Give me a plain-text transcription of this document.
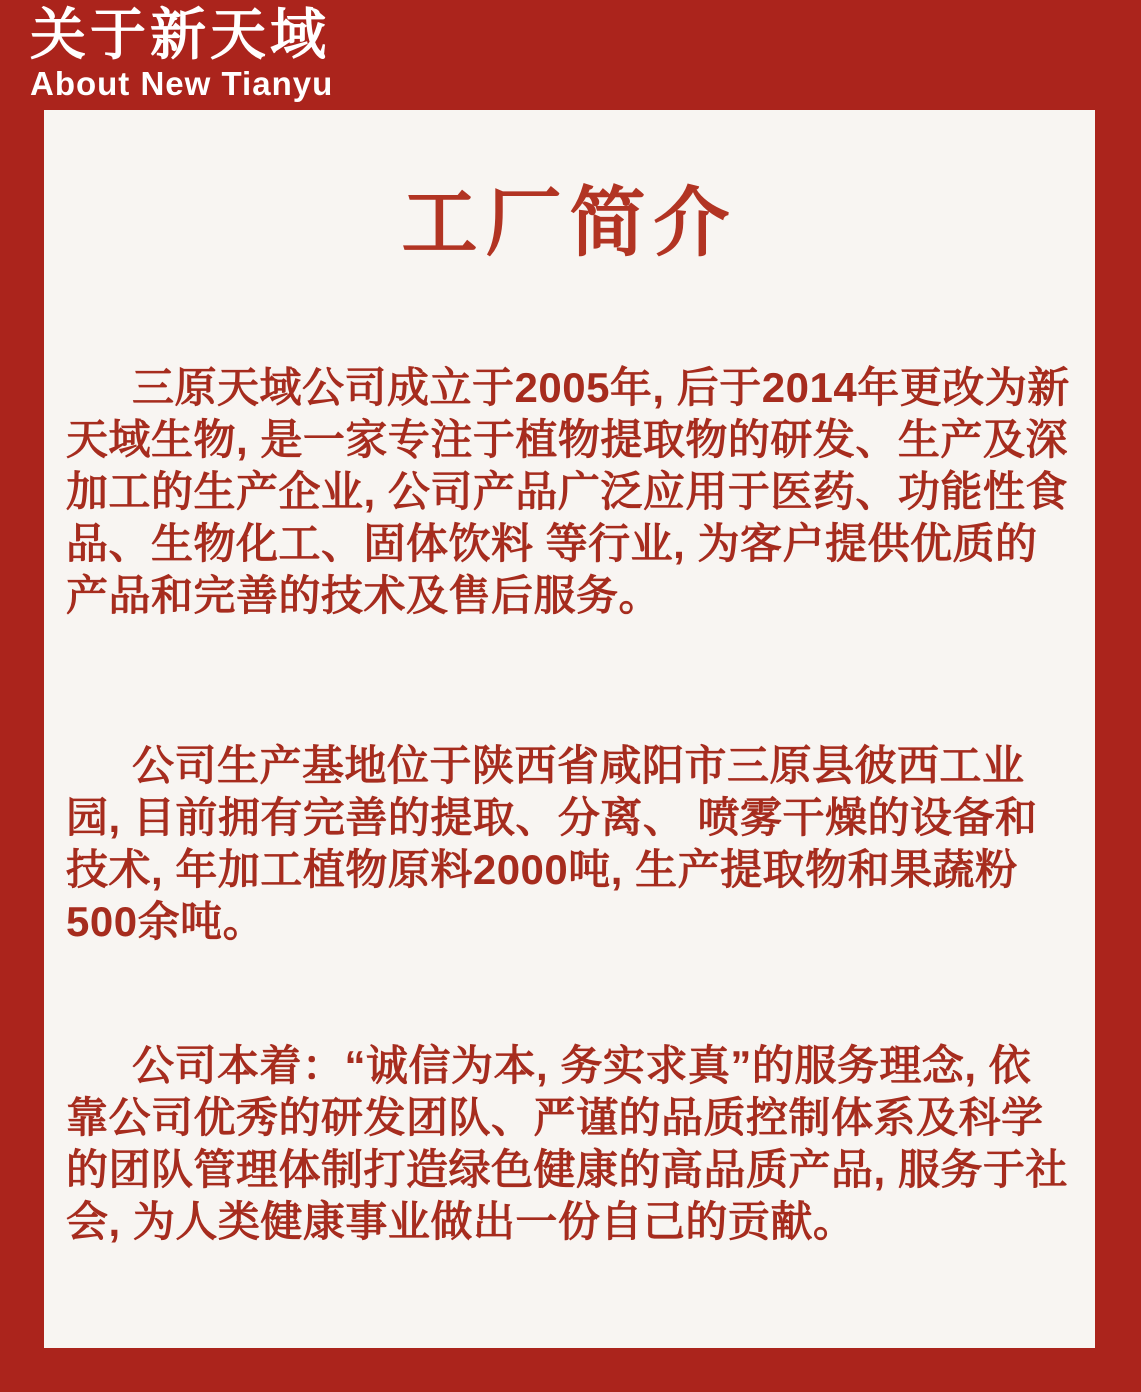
关于新天域
About New Tianyu
工厂简介

三原天域公司成立于2005年, 后于2014年更改为新天域生物, 是一家专注于植物提取物的研发、生产及深加工的生产企业, 公司产品广泛应用于医药、功能性食品、生物化工、固体饮料 等行业, 为客户提供优质的产品和完善的技术及售后服务。

公司生产基地位于陕西省咸阳市三原县彼西工业园, 目前拥有完善的提取、分离、 喷雾干燥的设备和技术, 年加工植物原料2000吨, 生产提取物和果蔬粉500余吨。

公司本着：“诚信为本, 务实求真”的服务理念, 依靠公司优秀的研发团队、严谨的品质控制体系及科学的团队管理体制打造绿色健康的高品质产品, 服务于社会, 为人类健康事业做出一份自己的贡献。
